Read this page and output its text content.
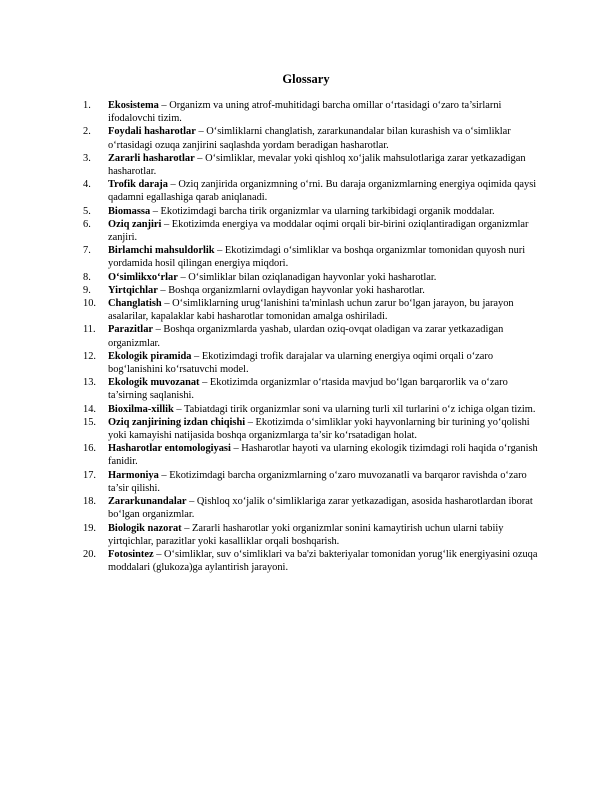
Glossary
1.	Ekosistema – Organizm va uning atrof-muhitidagi barcha omillar o‘rtasidagi o‘zaro ta’sirlarni ifodalovchi tizim.
2.	Foydali hasharotlar – O‘simliklarni changlatish, zararkunandalar bilan kurashish va o‘simliklar o‘rtasidagi ozuqa zanjirini saqlashda yordam beradigan hasharotlar.
3.	Zararli hasharotlar – O‘simliklar, mevalar yoki qishloq xo‘jalik mahsulotlariga zarar yetkazadigan hasharotlar.
4.	Trofik daraja – Oziq zanjirida organizmning o‘rni. Bu daraja organizmlarning energiya oqimida qaysi qadamni egallashiga qarab aniqlanadi.
5.	Biomassa – Ekotizimdagi barcha tirik organizmlar va ularning tarkibidagi organik moddalar.
6.	Oziq zanjiri – Ekotizimda energiya va moddalar oqimi orqali bir-birini oziqlantiradigan organizmlar zanjiri.
7.	Birlamchi mahsuldorlik – Ekotizimdagi o‘simliklar va boshqa organizmlar tomonidan quyosh nuri yordamida hosil qilingan energiya miqdori.
8.	O‘simlikxo‘rlar – O‘simliklar bilan oziqlanadigan hayvonlar yoki hasharotlar.
9.	Yirtqichlar – Boshqa organizmlarni ovlaydigan hayvonlar yoki hasharotlar.
10.	Changlatish – O‘simliklarning urug‘lanishini ta'minlash uchun zarur bo‘lgan jarayon, bu jarayon asalarilar, kapalaklar kabi hasharotlar tomonidan amalga oshiriladi.
11.	Parazitlar – Boshqa organizmlarda yashab, ulardan oziq-ovqat oladigan va zarar yetkazadigan organizmlar.
12.	Ekologik piramida – Ekotizimdagi trofik darajalar va ularning energiya oqimi orqali o‘zaro bog‘lanishini ko‘rsatuvchi model.
13.	Ekologik muvozanat – Ekotizimda organizmlar o‘rtasida mavjud bo‘lgan barqarorlik va o‘zaro ta’sirning saqlanishi.
14.	Bioxilma-xillik – Tabiatdagi tirik organizmlar soni va ularning turli xil turlarini o‘z ichiga olgan tizim.
15.	Oziq zanjirining izdan chiqishi – Ekotizimda o‘simliklar yoki hayvonlarning bir turining yo‘qolishi yoki kamayishi natijasida boshqa organizmlarga ta’sir ko‘rsatadigan holat.
16.	Hasharotlar entomologiyasi – Hasharotlar hayoti va ularning ekologik tizimdagi roli haqida o‘rganish fanidir.
17.	Harmoniya – Ekotizimdagi barcha organizmlarning o‘zaro muvozanatli va barqaror ravishda o‘zaro ta’sir qilishi.
18.	Zararkunandalar – Qishloq xo‘jalik o‘simliklariga zarar yetkazadigan, asosida hasharotlardan iborat bo‘lgan organizmlar.
19.	Biologik nazorat – Zararli hasharotlar yoki organizmlar sonini kamaytirish uchun ularni tabiiy yirtqichlar, parazitlar yoki kasalliklar orqali boshqarish.
20.	Fotosintez – O‘simliklar, suv o‘simliklari va ba'zi bakteriyalar tomonidan yorug‘lik energiyasini ozuqa moddalari (glukoza)ga aylantirish jarayoni.
